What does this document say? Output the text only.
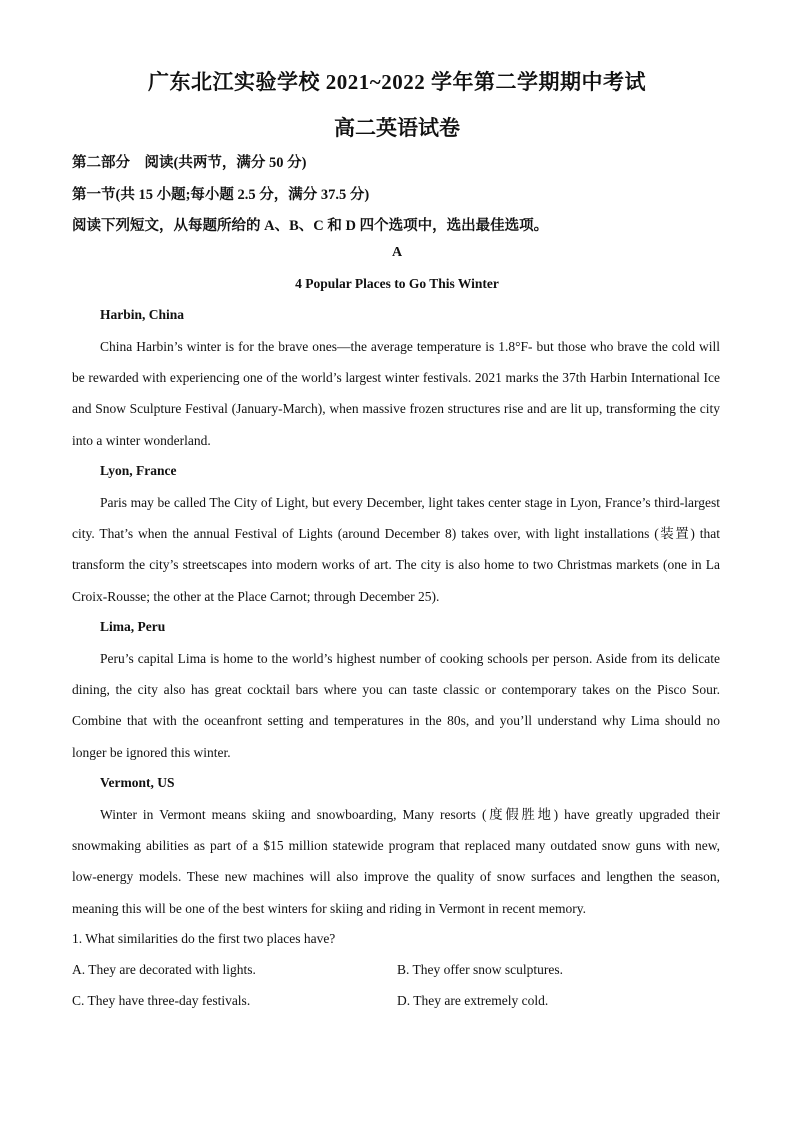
广东北江实验学校 2021~2022 学年第二学期期中考试
高二英语试卷
第二部分　阅读(共两节，满分 50 分)
第一节(共 15 小题;每小题 2.5 分，满分 37.5 分)
阅读下列短文，从每题所给的 A、B、C 和 D 四个选项中，选出最佳选项。
A
4 Popular Places to Go This Winter
Harbin, China

China Harbin’s winter is for the brave ones—the average temperature is 1.8°F- but those who brave the cold will be rewarded with experiencing one of the world’s largest winter festivals. 2021 marks the 37th Harbin International Ice and Snow Sculpture Festival (January-March), when massive frozen structures rise and are lit up, transforming the city into a winter wonderland.

Lyon, France

Paris may be called The City of Light, but every December, light takes center stage in Lyon, France’s third-largest city. That’s when the annual Festival of Lights (around December 8) takes over, with light installations (装置) that transform the city’s streetscapes into modern works of art. The city is also home to two Christmas markets (one in La Croix-Rousse; the other at the Place Carnot; through December 25).

Lima, Peru

Peru’s capital Lima is home to the world’s highest number of cooking schools per person. Aside from its delicate dining, the city also has great cocktail bars where you can taste classic or contemporary takes on the Pisco Sour. Combine that with the oceanfront setting and temperatures in the 80s, and you’ll understand why Lima should no longer be ignored this winter.

Vermont, US

Winter in Vermont means skiing and snowboarding, Many resorts (度假胜地) have greatly upgraded their snowmaking abilities as part of a $15 million statewide program that replaced many outdated snow guns with new, low-energy models. These new machines will also improve the quality of snow surfaces and lengthen the season, meaning this will be one of the best winters for skiing and riding in Vermont in recent memory.

1. What similarities do the first two places have?
A. They are decorated with lights.	B. They offer snow sculptures.
C. They have three-day festivals.	D. They are extremely cold.
